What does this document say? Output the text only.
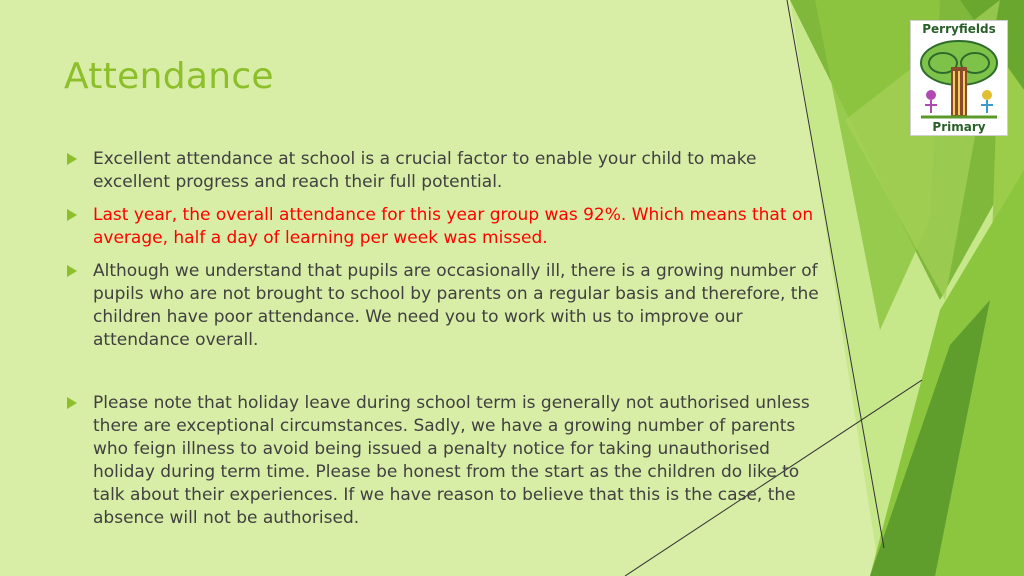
Attendance
Excellent attendance at school is a crucial factor to enable your child to make excellent progress and reach their full potential.
Last year, the overall attendance for this year group was 92%. Which means that on average, half a day of learning per week was missed.
Although we understand that pupils are occasionally ill, there is a growing number of pupils who are not brought to school by parents on a regular basis and therefore, the children have poor attendance. We need you to work with us to improve our attendance overall.
Please note that holiday leave during school term is generally not authorised unless there are exceptional circumstances. Sadly, we have a growing number of parents who feign illness to avoid being issued a penalty notice for taking unauthorised holiday during term time. Please be honest from the start as the children do like to talk about their experiences. If we have reason to believe that this is the case, the absence will not be authorised.
Perryfields
Primary
